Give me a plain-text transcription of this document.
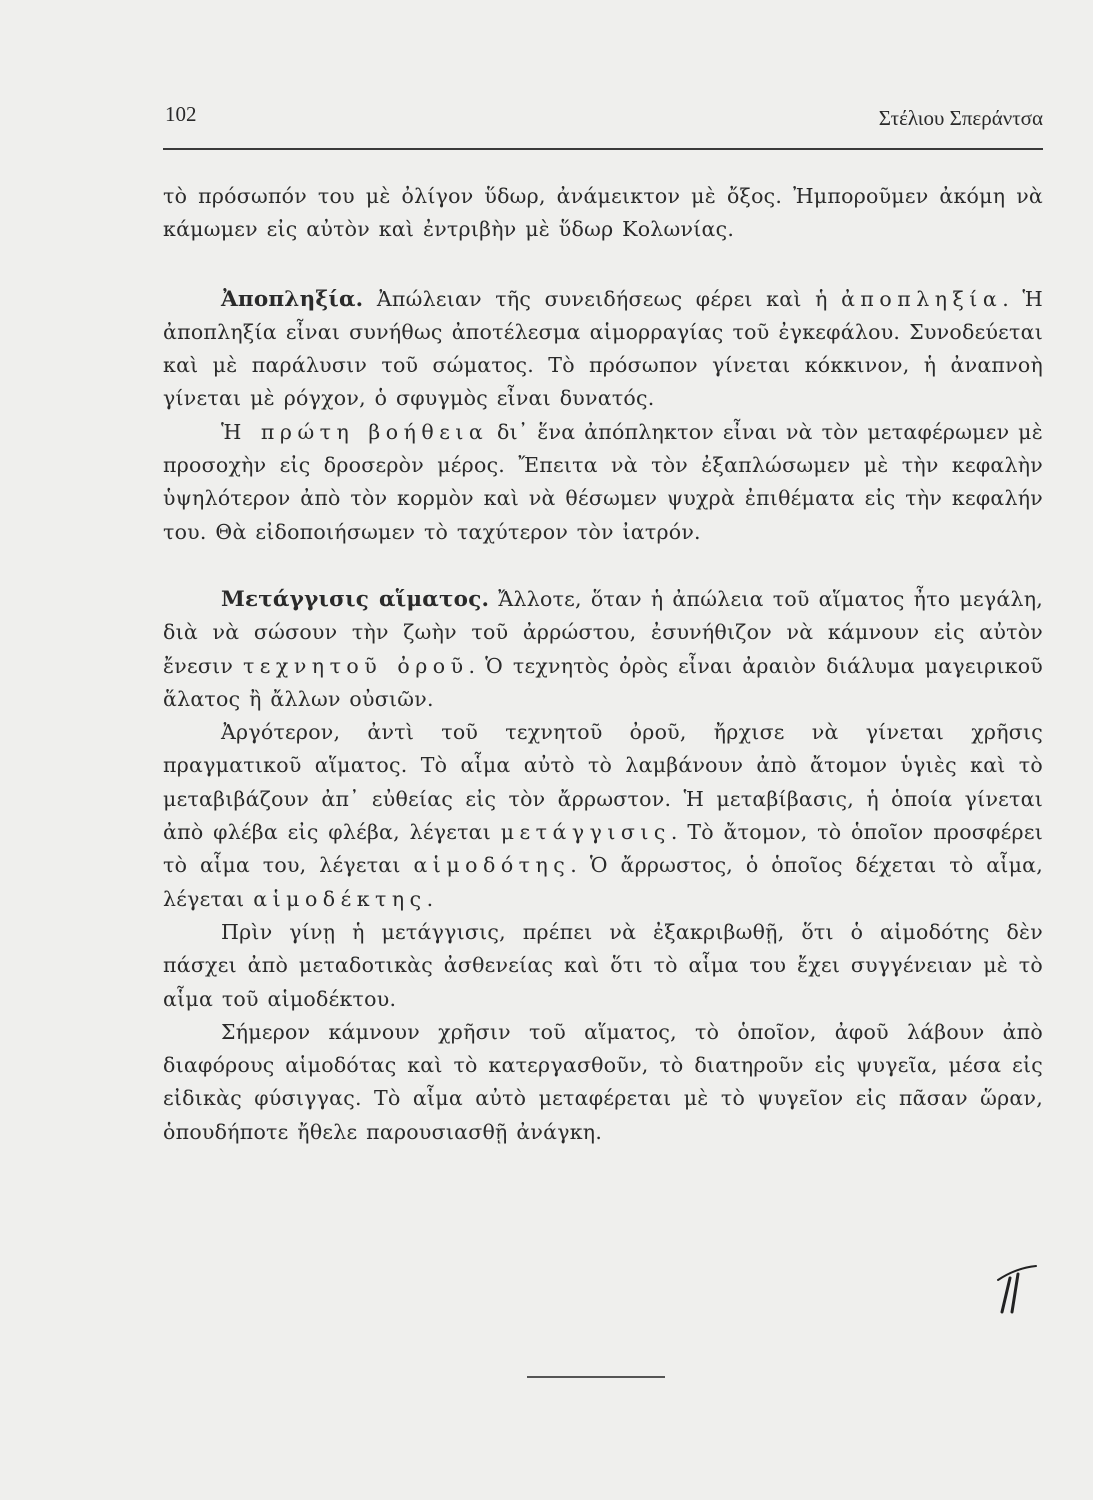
102	Στέλιου Σπεράντσα

τὸ πρόσωπόν του μὲ ὀλίγον ὕδωρ, ἀνάμεικτον μὲ ὄξος. Ἠμποροῦμεν ἀκόμη νὰ κάμωμεν εἰς αὐτὸν καὶ ἐντριβὴν μὲ ὕδωρ Κολωνίας.

Ἀποπληξία. Ἀπώλειαν τῆς συνειδήσεως φέρει καὶ ἡ ἀποπληξία. Ἡ ἀποπληξία εἶναι συνήθως ἀποτέλεσμα αἱμορραγίας τοῦ ἐγκεφάλου. Συνοδεύεται καὶ μὲ παράλυσιν τοῦ σώματος. Τὸ πρόσωπον γίνεται κόκκινον, ἡ ἀναπνοὴ γίνεται μὲ ρόγχον, ὁ σφυγμὸς εἶναι δυνατός.

Ἡ πρώτη βοήθεια δι᾿ ἕνα ἀπόπληκτον εἶναι νὰ τὸν μεταφέρωμεν μὲ προσοχὴν εἰς δροσερὸν μέρος. Ἔπειτα νὰ τὸν ἐξαπλώσωμεν μὲ τὴν κεφαλὴν ὑψηλότερον ἀπὸ τὸν κορμὸν καὶ νὰ θέσωμεν ψυχρὰ ἐπιθέματα εἰς τὴν κεφαλήν του. Θὰ εἰδοποιήσωμεν τὸ ταχύτερον τὸν ἰατρόν.

Μετάγγισις αἵματος. Ἄλλοτε, ὅταν ἡ ἀπώλεια τοῦ αἵματος ἦτο μεγάλη, διὰ νὰ σώσουν τὴν ζωὴν τοῦ ἀρρώστου, ἐσυνήθιζον νὰ κάμνουν εἰς αὐτὸν ἔνεσιν τεχνητοῦ ὀροῦ. Ὁ τεχνητὸς ὀρὸς εἶναι ἀραιὸν διάλυμα μαγειρικοῦ ἅλατος ἢ ἄλλων οὐσιῶν.

Ἀργότερον, ἀντὶ τοῦ τεχνητοῦ ὀροῦ, ἤρχισε νὰ γίνεται χρῆσις πραγματικοῦ αἵματος. Τὸ αἷμα αὐτὸ τὸ λαμβάνουν ἀπὸ ἄτομον ὑγιὲς καὶ τὸ μεταβιβάζουν ἀπ᾿ εὐθείας εἰς τὸν ἄρρωστον. Ἡ μεταβίβασις, ἡ ὁποία γίνεται ἀπὸ φλέβα εἰς φλέβα, λέγεται μετάγγισις. Τὸ ἄτομον, τὸ ὁποῖον προσφέρει τὸ αἷμα του, λέγεται αἱμοδότης. Ὁ ἄρρωστος, ὁ ὁποῖος δέχεται τὸ αἷμα, λέγεται αἱμοδέκτης.

Πρὶν γίνῃ ἡ μετάγγισις, πρέπει νὰ ἐξακριβωθῇ, ὅτι ὁ αἱμοδότης δὲν πάσχει ἀπὸ μεταδοτικὰς ἀσθενείας καὶ ὅτι τὸ αἷμα του ἔχει συγγένειαν μὲ τὸ αἷμα τοῦ αἱμοδέκτου.

Σήμερον κάμνουν χρῆσιν τοῦ αἵματος, τὸ ὁποῖον, ἀφοῦ λάβουν ἀπὸ διαφόρους αἱμοδότας καὶ τὸ κατεργασθοῦν, τὸ διατηροῦν εἰς ψυγεῖα, μέσα εἰς εἰδικὰς φύσιγγας. Τὸ αἷμα αὐτὸ μεταφέρεται μὲ τὸ ψυγεῖον εἰς πᾶσαν ὥραν, ὁπουδήποτε ἤθελε παρουσιασθῇ ἀνάγκη.
